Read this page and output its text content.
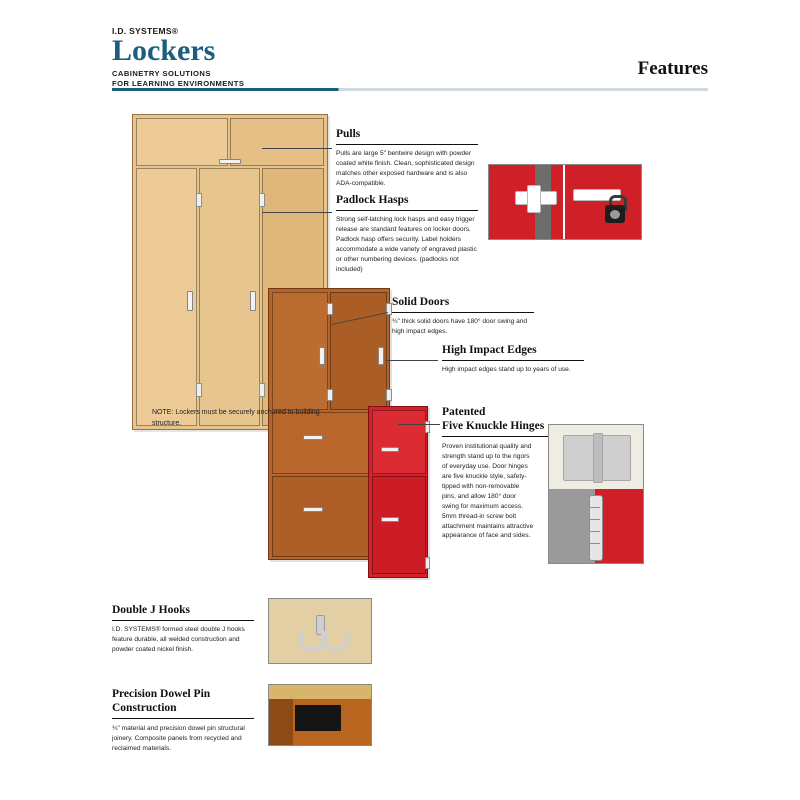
I.D. SYSTEMS®
Lockers
CABINETRY SOLUTIONS
FOR LEARNING ENVIRONMENTS
Features
NOTE: Lockers must be securely anchored to building structure.
Pulls

Pulls are large 5" bentwire design with powder coated white finish. Clean, sophisticated design matches other exposed hardware and is also ADA-compatible.

Padlock Hasps

Strong self-latching lock hasps and easy trigger release are standard features on locker doors. Padlock hasp offers security. Label holders accommodate a wide variety of engraved plastic or other numbering devices. (padlocks not included)

Solid Doors

¾" thick solid doors have 180° door swing and high impact edges.

High Impact Edges

High impact edges stand up to years of use.

Patented
Five Knuckle Hinges

Proven institutional quality and strength stand up to the rigors of everyday use. Door hinges are five knuckle style, safety-tipped with non-removable pins, and allow 180° door swing for maximum access. 5mm thread-in screw bolt attachment maintains attractive appearance of face and sides.

Double J Hooks

I.D. SYSTEMS® formed steel double J hooks feature durable, all welded construction and powder coated nickel finish.

Precision Dowel Pin
Construction

¾" material and precision dowel pin structural joinery. Composite panels from recycled and reclaimed materials.
